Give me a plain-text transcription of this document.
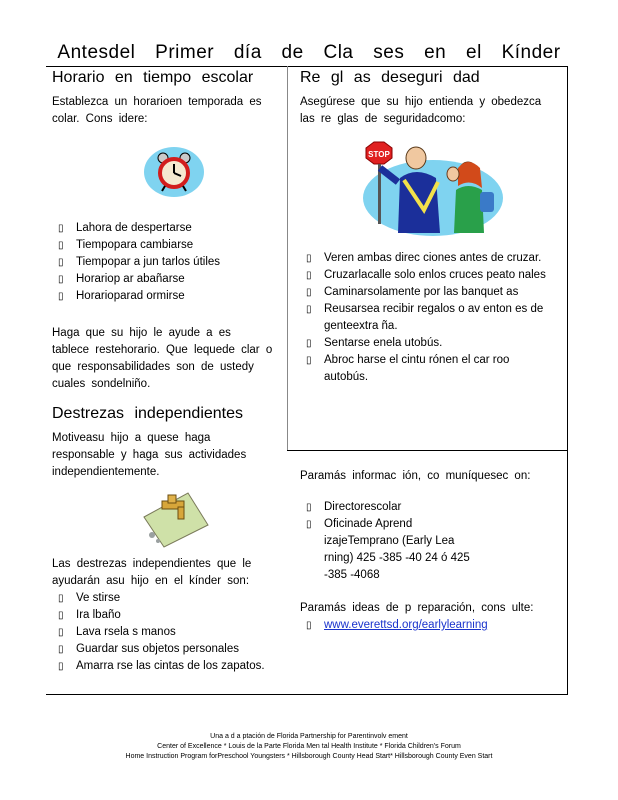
Antesdel Primer día de Cla ses en el Kínder
Horario en tiempo escolar
Establezca un horarioen temporada es colar. Cons idere:
▯ Lahora de despertarse
▯ Tiempopara cambiarse
▯ Tiempopar a jun tarlos útiles
▯ Horariop ar abañarse
▯ Horarioparad ormirse
Haga que su hijo le ayude a es tablece restehorario. Que lequede clar o que responsabilidades son de ustedy cuales sondelniño.
Destrezas independientes
Motiveasu hijo a quese haga responsable y haga sus actividades independientemente.
Las destrezas independientes que le ayudarán asu hijo en el kínder son:
▯ Ve stirse
▯ Ira lbaño
▯ Lava rsela s manos
▯ Guardar sus objetos personales
▯ Amarra rse las cintas de los zapatos.
Re gl as deseguri dad
Asegúrese que su hijo entienda y obedezca las re glas de seguridadcomo:
STOP
▯ Veren ambas direc ciones antes de cruzar.
▯ Cruzarlacalle solo enlos cruces peato nales
▯ Caminarsolamente por las banquet as
▯ Reusarsea recibir regalos o av enton es de genteextra ña.
▯ Sentarse enela utobús.
▯ Abroc harse el cintu rónen el car roo autobús.
Paramás informac ión, co muníquesec on:
▯ Directorescolar
▯ Oficinade Aprend izajeTemprano (Early Lea rning) 425 -385 -40 24 ó 425 -385 -4068
Paramás ideas de p reparación, cons ulte:
▯ www.everettsd.org/earlylearning
Una a d a ptación de Florida Partnership for Parentinvolv ement
Center of Excellence * Louis de la Parte Florida Men tal Health Institute * Florida Children's Forum
Home Instruction Program forPreschool Youngsters * Hillsborough County Head Start* Hillsborough County Even Start
